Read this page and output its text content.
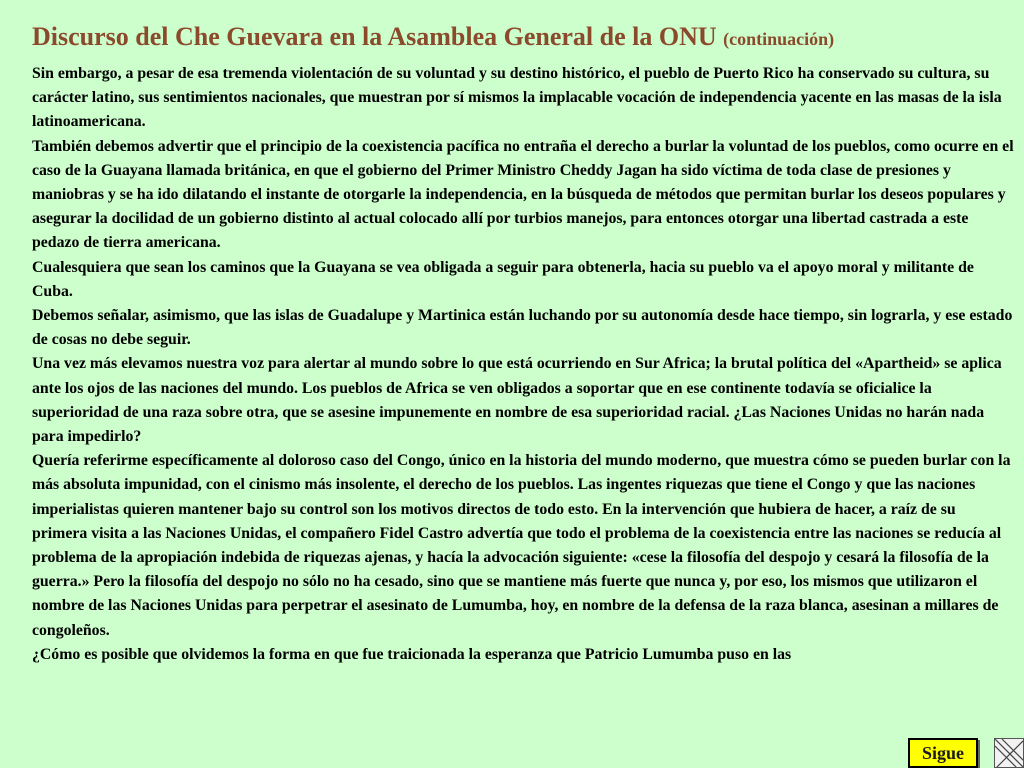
Discurso del Che Guevara en la Asamblea General de la ONU (continuación)

Sin embargo, a pesar de esa tremenda violentación de su voluntad y su destino histórico, el pueblo de Puerto Rico ha conservado su cultura, su carácter latino, sus sentimientos nacionales, que muestran por sí mismos la implacable vocación de independencia yacente en las masas de la isla latinoamericana.

También debemos advertir que el principio de la coexistencia pacífica no entraña el derecho a burlar la voluntad de los pueblos, como ocurre en el caso de la Guayana llamada británica, en que el gobierno del Primer Ministro Cheddy Jagan ha sido víctima de toda clase de presiones y maniobras y se ha ido dilatando el instante de otorgarle la independencia, en la búsqueda de métodos que permitan burlar los deseos populares y asegurar la docilidad de un gobierno distinto al actual colocado allí por turbios manejos, para entonces otorgar una libertad castrada a este pedazo de tierra americana.

Cualesquiera que sean los caminos que la Guayana se vea obligada a seguir para obtenerla, hacia su pueblo va el apoyo moral y militante de Cuba.

Debemos señalar, asimismo, que las islas de Guadalupe y Martinica están luchando por su autonomía desde hace tiempo, sin lograrla, y ese estado de cosas no debe seguir.

Una vez más elevamos nuestra voz para alertar al mundo sobre lo que está ocurriendo en Sur Africa; la brutal política del «Apartheid» se aplica ante los ojos de las naciones del mundo. Los pueblos de Africa se ven obligados a soportar que en ese continente todavía se oficialice la superioridad de una raza sobre otra, que se asesine impunemente en nombre de esa superioridad racial. ¿Las Naciones Unidas no harán nada para impedirlo?

Quería referirme específicamente al doloroso caso del Congo, único en la historia del mundo moderno, que muestra cómo se pueden burlar con la más absoluta impunidad, con el cinismo más insolente, el derecho de los pueblos. Las ingentes riquezas que tiene el Congo y que las naciones imperialistas quieren mantener bajo su control son los motivos directos de todo esto. En la intervención que hubiera de hacer, a raíz de su primera visita a las Naciones Unidas, el compañero Fidel Castro advertía que todo el problema de la coexistencia entre las naciones se reducía al problema de la apropiación indebida de riquezas ajenas, y hacía la advocación siguiente: «cese la filosofía del despojo y cesará la filosofía de la guerra.» Pero la filosofía del despojo no sólo no ha cesado, sino que se mantiene más fuerte que nunca y, por eso, los mismos que utilizaron el nombre de las Naciones Unidas para perpetrar el asesinato de Lumumba, hoy, en nombre de la defensa de la raza blanca, asesinan a millares de congoleños.

¿Cómo es posible que olvidemos la forma en que fue traicionada la esperanza que Patricio Lumumba puso en las

Sigue
